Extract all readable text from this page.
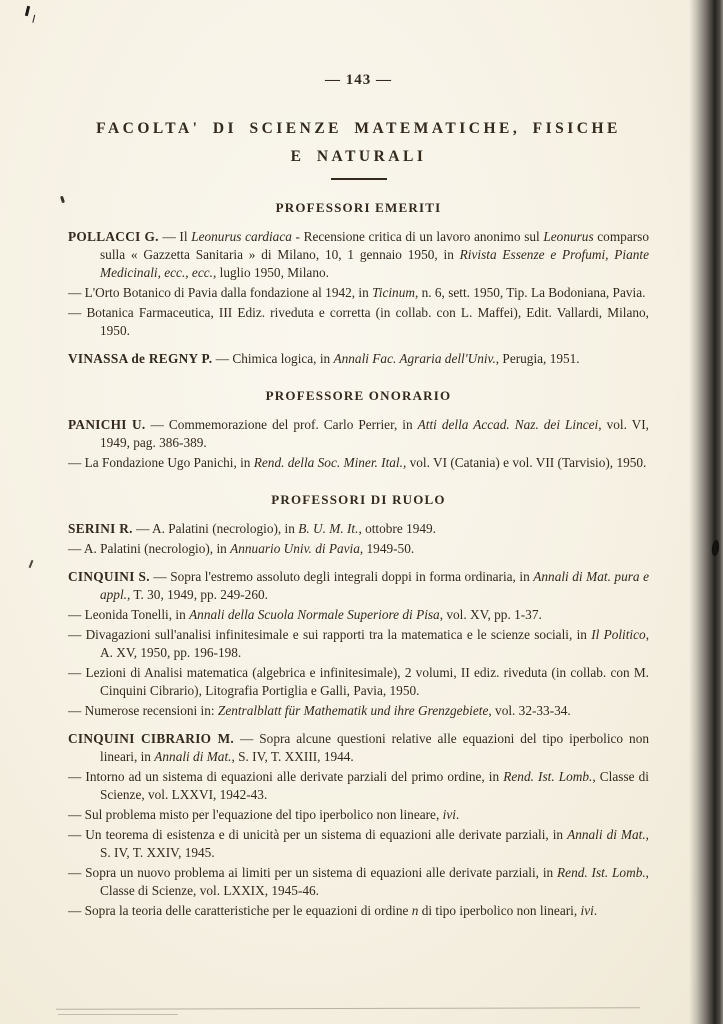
— 143 —
FACOLTA' DI SCIENZE MATEMATICHE, FISICHE
E NATURALI
PROFESSORI EMERITI

POLLACCI G. — Il Leonurus cardiaca - Recensione critica di un lavoro anonimo sul Leonurus comparso sulla « Gazzetta Sanitaria » di Milano, 10, 1 gennaio 1950, in Rivista Essenze e Profumi, Piante Medicinali, ecc., ecc., luglio 1950, Milano.

— L'Orto Botanico di Pavia dalla fondazione al 1942, in Ticinum, n. 6, sett. 1950, Tip. La Bodoniana, Pavia.

— Botanica Farmaceutica, III Ediz. riveduta e corretta (in collab. con L. Maffei), Edit. Vallardi, Milano, 1950.

VINASSA de REGNY P. — Chimica logica, in Annali Fac. Agraria dell'Univ., Perugia, 1951.

PROFESSORE ONORARIO

PANICHI U. — Commemorazione del prof. Carlo Perrier, in Atti della Accad. Naz. dei Lincei, vol. VI, 1949, pag. 386-389.

— La Fondazione Ugo Panichi, in Rend. della Soc. Miner. Ital., vol. VI (Catania) e vol. VII (Tarvisio), 1950.

PROFESSORI DI RUOLO

SERINI R. — A. Palatini (necrologio), in B. U. M. It., ottobre 1949.

— A. Palatini (necrologio), in Annuario Univ. di Pavia, 1949-50.

CINQUINI S. — Sopra l'estremo assoluto degli integrali doppi in forma ordinaria, in Annali di Mat. pura e appl., T. 30, 1949, pp. 249-260.

— Leonida Tonelli, in Annali della Scuola Normale Superiore di Pisa, vol. XV, pp. 1-37.

— Divagazioni sull'analisi infinitesimale e sui rapporti tra la matematica e le scienze sociali, in Il Politico, A. XV, 1950, pp. 196-198.

— Lezioni di Analisi matematica (algebrica e infinitesimale), 2 volumi, II ediz. riveduta (in collab. con M. Cinquini Cibrario), Litografia Portiglia e Galli, Pavia, 1950.

— Numerose recensioni in: Zentralblatt für Mathematik und ihre Grenzgebiete, vol. 32-33-34.

CINQUINI CIBRARIO M. — Sopra alcune questioni relative alle equazioni del tipo iperbolico non lineari, in Annali di Mat., S. IV, T. XXIII, 1944.

— Intorno ad un sistema di equazioni alle derivate parziali del primo ordine, in Rend. Ist. Lomb., Classe di Scienze, vol. LXXVI, 1942-43.

— Sul problema misto per l'equazione del tipo iperbolico non lineare, ivi.

— Un teorema di esistenza e di unicità per un sistema di equazioni alle derivate parziali, in Annali di Mat., S. IV, T. XXIV, 1945.

— Sopra un nuovo problema ai limiti per un sistema di equazioni alle derivate parziali, in Rend. Ist. Lomb., Classe di Scienze, vol. LXXIX, 1945-46.

— Sopra la teoria delle caratteristiche per le equazioni di ordine n di tipo iperbolico non lineari, ivi.
